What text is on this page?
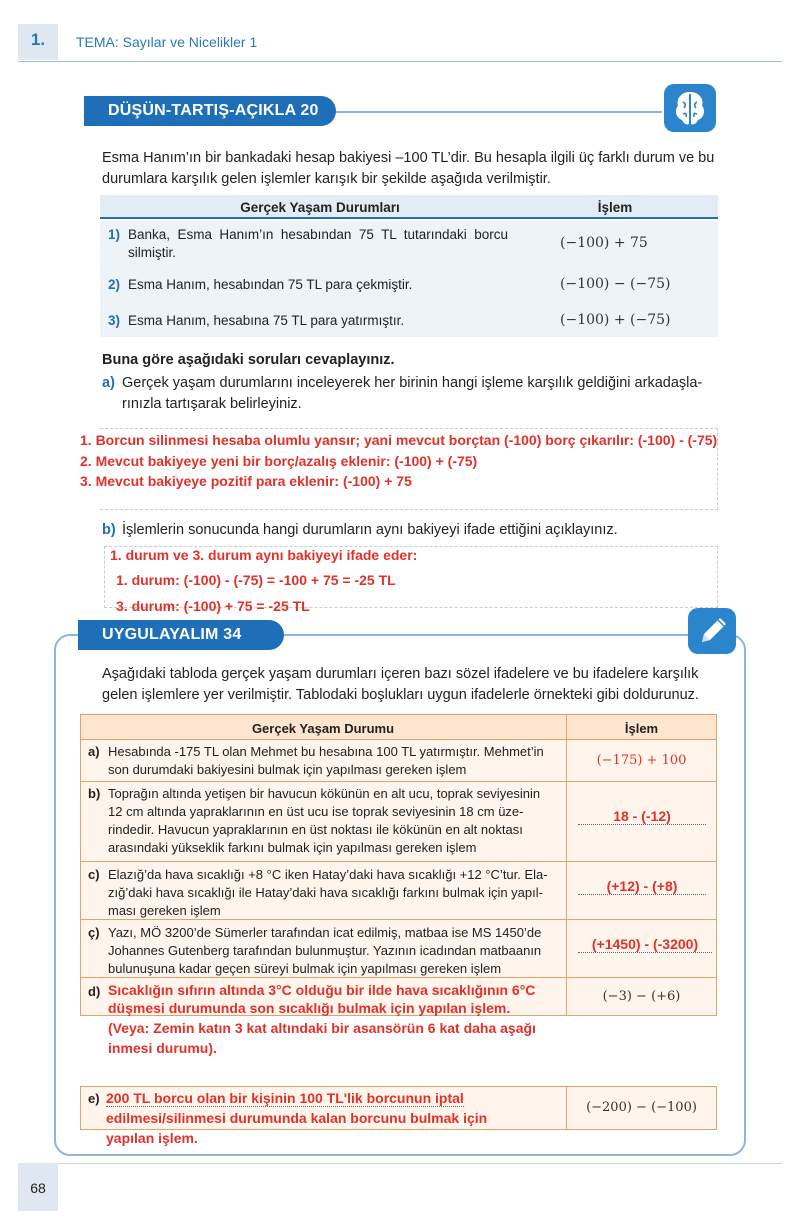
1.	TEMA: Sayılar ve Nicelikler 1
DÜŞÜN-TARTIŞ-AÇIKLA 20
Esma Hanım’ın bir bankadaki hesap bakiyesi –100 TL’dir. Bu hesapla ilgili üç farklı durum ve bu
durumlara karşılık gelen işlemler karışık bir şekilde aşağıda verilmiştir.
Gerçek Yaşam Durumları	İşlem
1) Banka, Esma Hanım’ın hesabından 75 TL tutarındaki borcu
silmiştir.
(−100) + 75
2) Esma Hanım, hesabından 75 TL para çekmiştir.	(−100) − (−75)
3) Esma Hanım, hesabına 75 TL para yatırmıştır.	(−100) + (−75)
Buna göre aşağıdaki soruları cevaplayınız.
a) Gerçek yaşam durumlarını inceleyerek her birinin hangi işleme karşılık geldiğini arkadaşla-
rınızla tartışarak belirleyiniz.
1. Borcun silinmesi hesaba olumlu yansır; yani mevcut borçtan (-100) borç çıkarılır: (-100) - (-75)
2. Mevcut bakiyeye yeni bir borç/azalış eklenir: (-100) + (-75)
3. Mevcut bakiyeye pozitif para eklenir: (-100) + 75
b) İşlemlerin sonucunda hangi durumların aynı bakiyeyi ifade ettiğini açıklayınız.
1. durum ve 3. durum aynı bakiyeyi ifade eder:
1. durum: (-100) - (-75) = -100 + 75 = -25 TL
3. durum: (-100) + 75 = -25 TL
UYGULAYALIM 34
Aşağıdaki tabloda gerçek yaşam durumları içeren bazı sözel ifadelere ve bu ifadelere karşılık
gelen işlemlere yer verilmiştir. Tablodaki boşlukları uygun ifadelerle örnekteki gibi doldurunuz.
Gerçek Yaşam Durumu	İşlem
a) Hesabında -175 TL olan Mehmet bu hesabına 100 TL yatırmıştır. Mehmet’in
son durumdaki bakiyesini bulmak için yapılması gereken işlem
(−175) + 100
b) Toprağın altında yetişen bir havucun kökünün en alt ucu, toprak seviyesinin
12 cm altında yapraklarının en üst ucu ise toprak seviyesinin 18 cm üze-
rindedir. Havucun yapraklarının en üst noktası ile kökünün en alt noktası
arasındaki yükseklik farkını bulmak için yapılması gereken işlem
18 - (-12)
c) Elazığ’da hava sıcaklığı +8 °C iken Hatay’daki hava sıcaklığı +12 °C’tur. Ela-
zığ’daki hava sıcaklığı ile Hatay’daki hava sıcaklığı farkını bulmak için yapıl-
ması gereken işlem
(+12) - (+8)
ç) Yazı, MÖ 3200’de Sümerler tarafından icat edilmiş, matbaa ise MS 1450’de
Johannes Gutenberg tarafından bulunmuştur. Yazının icadından matbaanın
bulunuşuna kadar geçen süreyi bulmak için yapılması gereken işlem
(+1450) - (-3200)
d) Sıcaklığın sıfırın altında 3°C olduğu bir ilde hava sıcaklığının 6°C
düşmesi durumunda son sıcaklığı bulmak için yapılan işlem.
(Veya: Zemin katın 3 kat altındaki bir asansörün 6 kat daha aşağı
inmesi durumu).
(−3) − (+6)
e) 200 TL borcu olan bir kişinin 100 TL'lik borcunun iptal
edilmesi/silinmesi durumunda kalan borcunu bulmak için
yapılan işlem.
(−200) − (−100)
68
